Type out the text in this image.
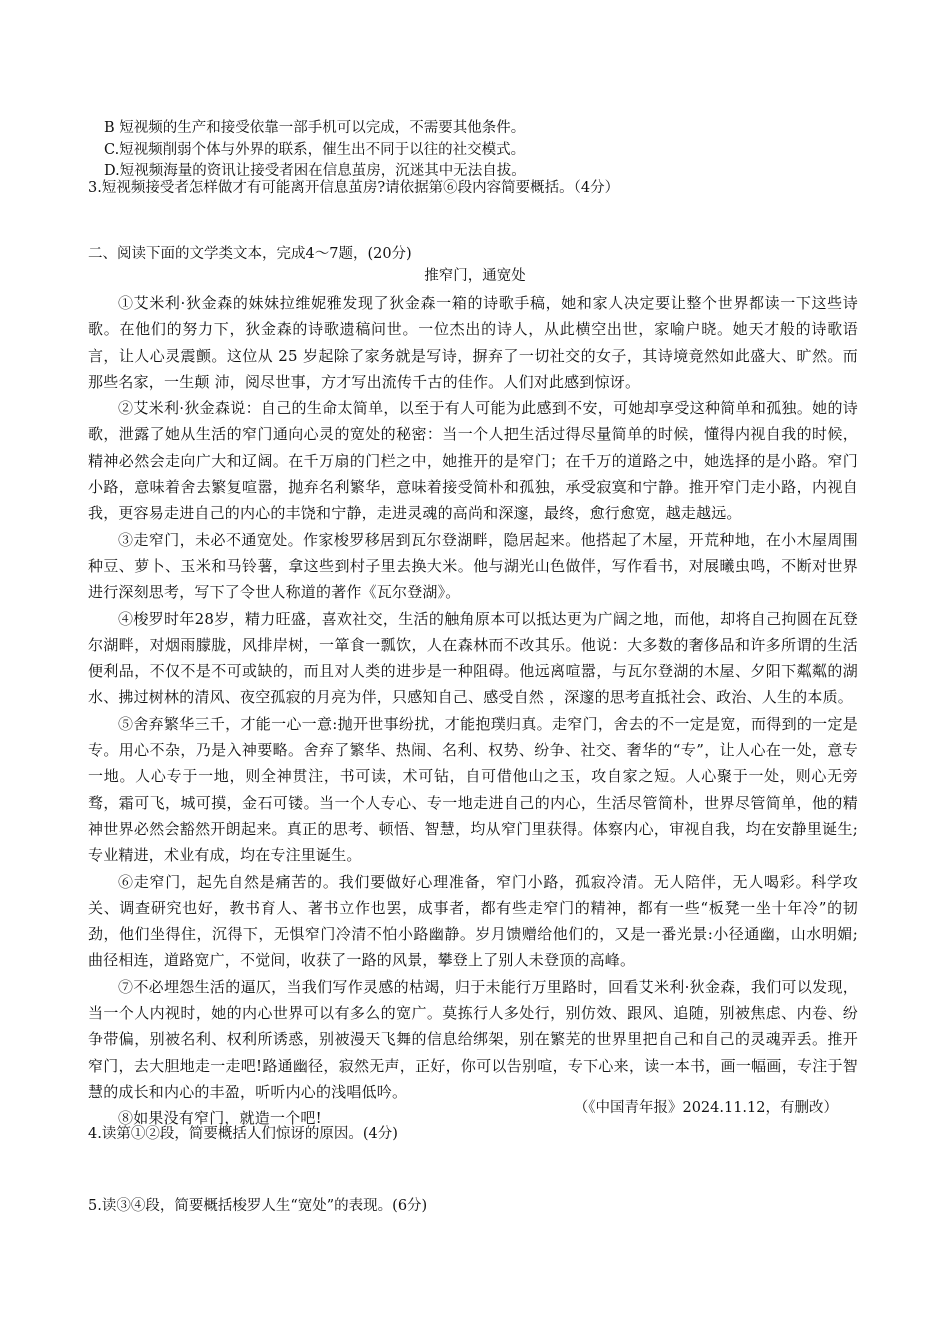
B 短视频的生产和接受依靠一部手机可以完成，不需要其他条件。
C.短视频削弱个体与外界的联系，催生出不同于以往的社交模式。
D.短视频海量的资讯让接受者困在信息茧房，沉迷其中无法自拔。
3.短视频接受者怎样做才有可能离开信息茧房?请依据第⑥段内容简要概括。（4分）
二、阅读下面的文学类文本，完成4～7题，(20分)
推窄门，通宽处

①艾米利·狄金森的妹妹拉维妮雅发现了狄金森一箱的诗歌手稿，她和家人决定要让整个世界都读一下这些诗歌。在他们的努力下，狄金森的诗歌遗稿问世。一位杰出的诗人，从此横空出世，家喻户晓。她天才般的诗歌语言，让人心灵震颤。这位从 25 岁起除了家务就是写诗，摒弃了一切社交的女子，其诗境竟然如此盛大、旷然。而那些名家，一生颠 沛，阅尽世事，方才写出流传千古的佳作。人们对此感到惊讶。

②艾米利·狄金森说：自己的生命太简单，以至于有人可能为此感到不安，可她却享受这种简单和孤独。她的诗歌，泄露了她从生活的窄门通向心灵的宽处的秘密：当一个人把生活过得尽量简单的时候，懂得内视自我的时候，精神必然会走向广大和辽阔。在千万扇的门栏之中，她推开的是窄门；在千万的道路之中，她选择的是小路。窄门小路，意味着舍去繁复喧嚣，抛弃名利繁华，意味着接受简朴和孤独，承受寂寞和宁静。推开窄门走小路，内视自我，更容易走进自己的内心的丰饶和宁静，走进灵魂的高尚和深邃，最终，愈行愈宽，越走越远。

③走窄门，未必不通宽处。作家梭罗移居到瓦尔登湖畔，隐居起来。他搭起了木屋，开荒种地，在小木屋周围种豆、萝卜、玉米和马铃薯，拿这些到村子里去换大米。他与湖光山色做伴，写作看书，对展曦虫鸣，不断对世界进行深刻思考，写下了令世人称道的著作《瓦尔登湖》。

④梭罗时年28岁，精力旺盛，喜欢社交，生活的触角原本可以抵达更为广阔之地，而他，却将自己拘圆在瓦登尔湖畔，对烟雨朦胧，风排岸树，一箪食一瓢饮，人在森林而不改其乐。他说：大多数的奢侈品和许多所谓的生活便利品，不仅不是不可或缺的，而且对人类的进步是一种阻碍。他远离喧嚣，与瓦尔登湖的木屋、夕阳下粼粼的湖水、拂过树林的清风、夜空孤寂的月亮为伴，只感知自己、感受自然 ，深邃的思考直抵社会、政治、人生的本质。

⑤舍弃繁华三千，才能一心一意:抛开世事纷扰，才能抱璞归真。走窄门，舍去的不一定是宽，而得到的一定是专。用心不杂，乃是入神要略。舍弃了繁华、热闹、名利、权势、纷争、社交、奢华的“专”，让人心在一处，意专一地。人心专于一地，则全神贯注，书可读，术可钻，自可借他山之玉，攻自家之短。人心聚于一处，则心无旁骛，霜可飞，城可摸，金石可镂。当一个人专心、专一地走进自己的内心，生活尽管简朴，世界尽管简单，他的精神世界必然会豁然开朗起来。真正的思考、顿悟、智慧，均从窄门里获得。体察内心，审视自我，均在安静里诞生;专业精进，术业有成，均在专注里诞生。

⑥走窄门，起先自然是痛苦的。我们要做好心理准备，窄门小路，孤寂冷清。无人陪伴，无人喝彩。科学攻关、调查研究也好，教书育人、著书立作也罢，成事者，都有些走窄门的精神，都有一些“板凳一坐十年冷”的韧劲，他们坐得住，沉得下，无惧窄门冷清不怕小路幽静。岁月馈赠给他们的，又是一番光景:小径通幽，山水明媚;曲径相连，道路宽广，不觉间，收获了一路的风景，攀登上了别人未登顶的高峰。

⑦不必埋怨生活的逼仄，当我们写作灵感的枯竭，归于未能行万里路时，回看艾米利·狄金森，我们可以发现，当一个人内视时，她的内心世界可以有多么的宽广。莫拣行人多处行，别仿效、跟风、追随，别被焦虑、内卷、纷争带偏，别被名利、权利所诱惑，别被漫天飞舞的信息给绑架，别在繁芜的世界里把自己和自己的灵魂弄丢。推开窄门，去大胆地走一走吧!路通幽径，寂然无声，正好，你可以告别喧，专下心来，读一本书，画一幅画，专注于智慧的成长和内心的丰盈，听听内心的浅唱低吟。

⑧如果没有窄门，就造一个吧!

（《中国青年报》2024.11.12，有删改）
4.读第①②段，简要概括人们惊讶的原因。(4分)
5.读③④段，简要概括梭罗人生“宽处”的表现。(6分)
